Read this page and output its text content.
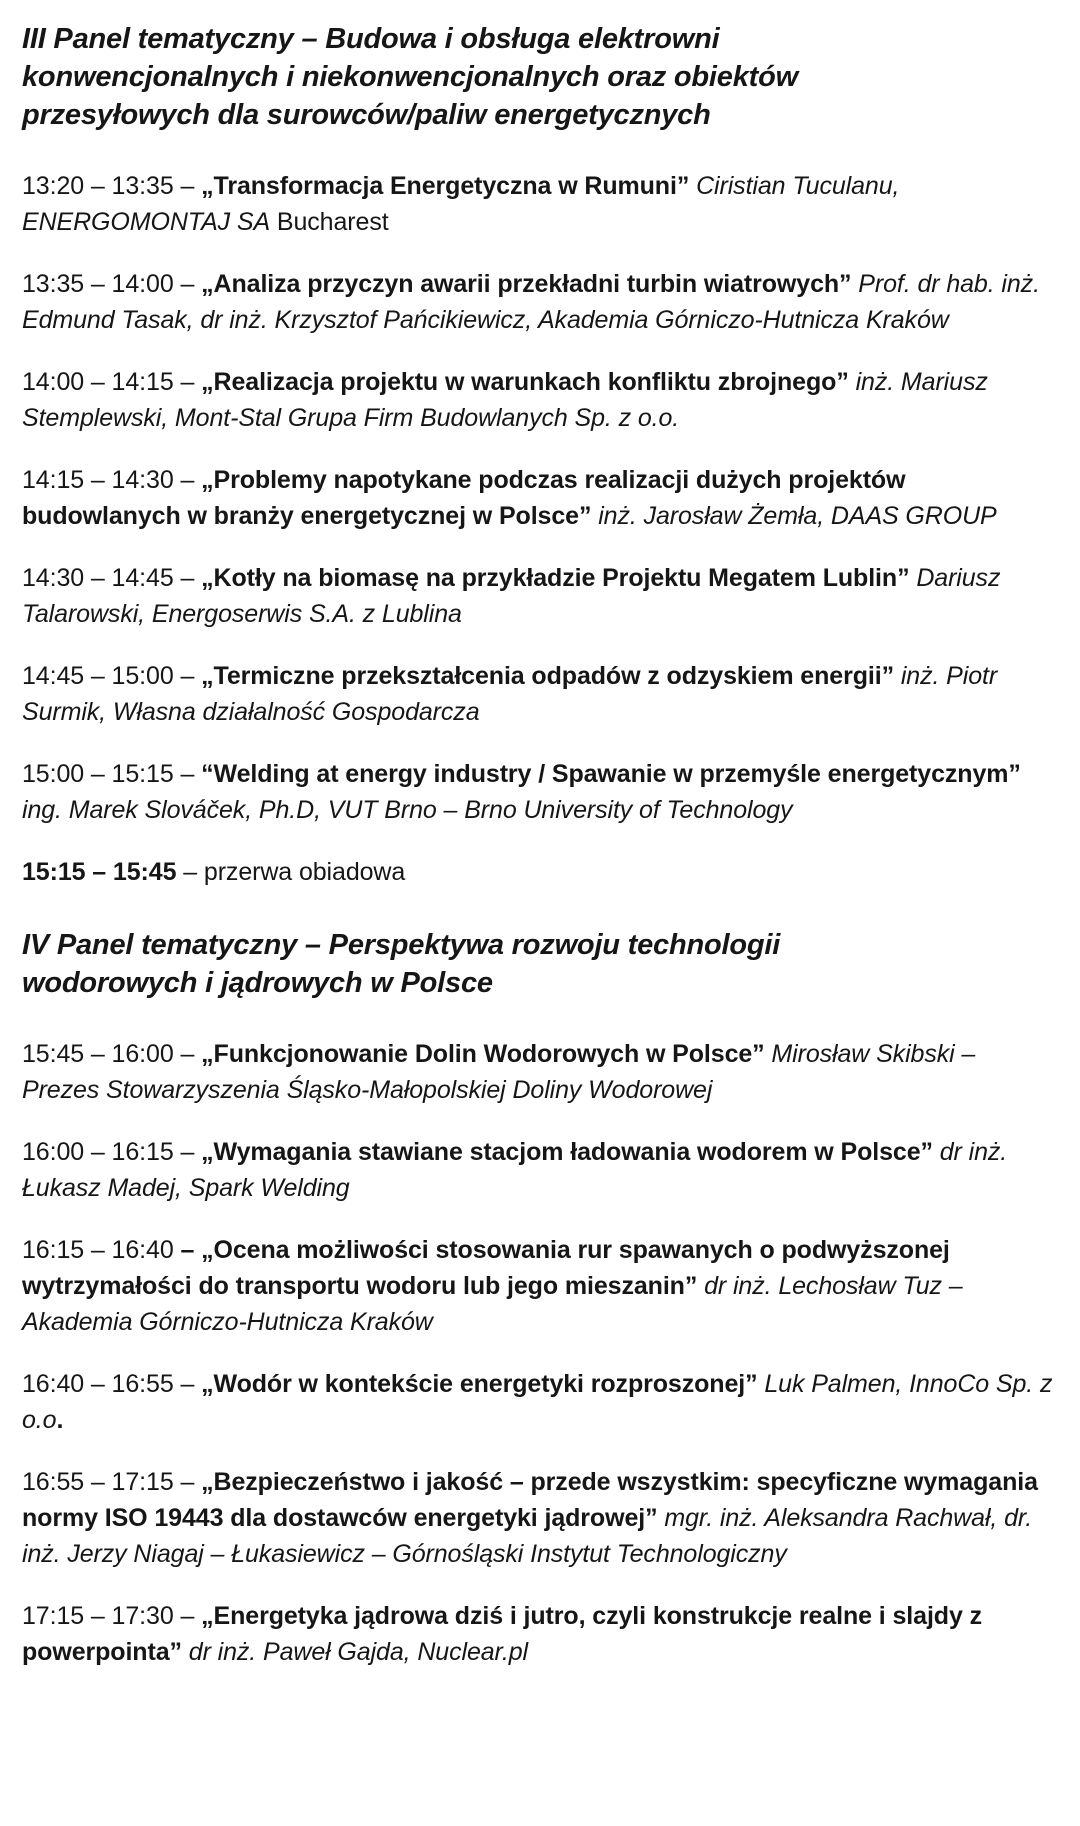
III Panel tematyczny – Budowa i obsługa elektrowni konwencjonalnych i niekonwencjonalnych oraz obiektów przesyłowych dla surowców/paliw energetycznych

13:20 – 13:35 – „Transformacja Energetyczna w Rumuni” Ciristian Tuculanu, ENERGOMONTAJ SA Bucharest

13:35 – 14:00 – „Analiza przyczyn awarii przekładni turbin wiatrowych” Prof. dr hab. inż. Edmund Tasak, dr inż. Krzysztof Pańcikiewicz, Akademia Górniczo-Hutnicza Kraków

14:00 – 14:15 – „Realizacja projektu w warunkach konfliktu zbrojnego” inż. Mariusz Stemplewski, Mont-Stal Grupa Firm Budowlanych Sp. z o.o.

14:15 – 14:30 – „Problemy napotykane podczas realizacji dużych projektów budowlanych w branży energetycznej w Polsce” inż. Jarosław Żemła, DAAS GROUP

14:30 – 14:45 – „Kotły na biomasę na przykładzie Projektu Megatem Lublin” Dariusz Talarowski, Energoserwis S.A. z Lublina

14:45 – 15:00 – „Termiczne przekształcenia odpadów z odzyskiem energii” inż. Piotr Surmik, Własna działalność Gospodarcza

15:00 – 15:15 – “Welding at energy industry / Spawanie w przemyśle energetycznym” ing. Marek Slováček, Ph.D, VUT Brno – Brno University of Technology

15:15 – 15:45 – przerwa obiadowa

IV Panel tematyczny – Perspektywa rozwoju technologii wodorowych i jądrowych w Polsce

15:45 – 16:00 – „Funkcjonowanie Dolin Wodorowych w Polsce” Mirosław Skibski – Prezes Stowarzyszenia Śląsko-Małopolskiej Doliny Wodorowej

16:00 – 16:15 – „Wymagania stawiane stacjom ładowania wodorem w Polsce” dr inż. Łukasz Madej, Spark Welding

16:15 – 16:40 – „Ocena możliwości stosowania rur spawanych o podwyższonej wytrzymałości do transportu wodoru lub jego mieszanin” dr inż. Lechosław Tuz – Akademia Górniczo-Hutnicza Kraków

16:40 – 16:55 – „Wodór w kontekście energetyki rozproszonej” Luk Palmen, InnoCo Sp. z o.o.

16:55 – 17:15 – „Bezpieczeństwo i jakość – przede wszystkim: specyficzne wymagania normy ISO 19443 dla dostawców energetyki jądrowej” mgr. inż. Aleksandra Rachwał, dr. inż. Jerzy Niagaj – Łukasiewicz – Górnośląski Instytut Technologiczny

17:15 – 17:30 – „Energetyka jądrowa dziś i jutro, czyli konstrukcje realne i slajdy z powerpointa” dr inż. Paweł Gajda, Nuclear.pl
